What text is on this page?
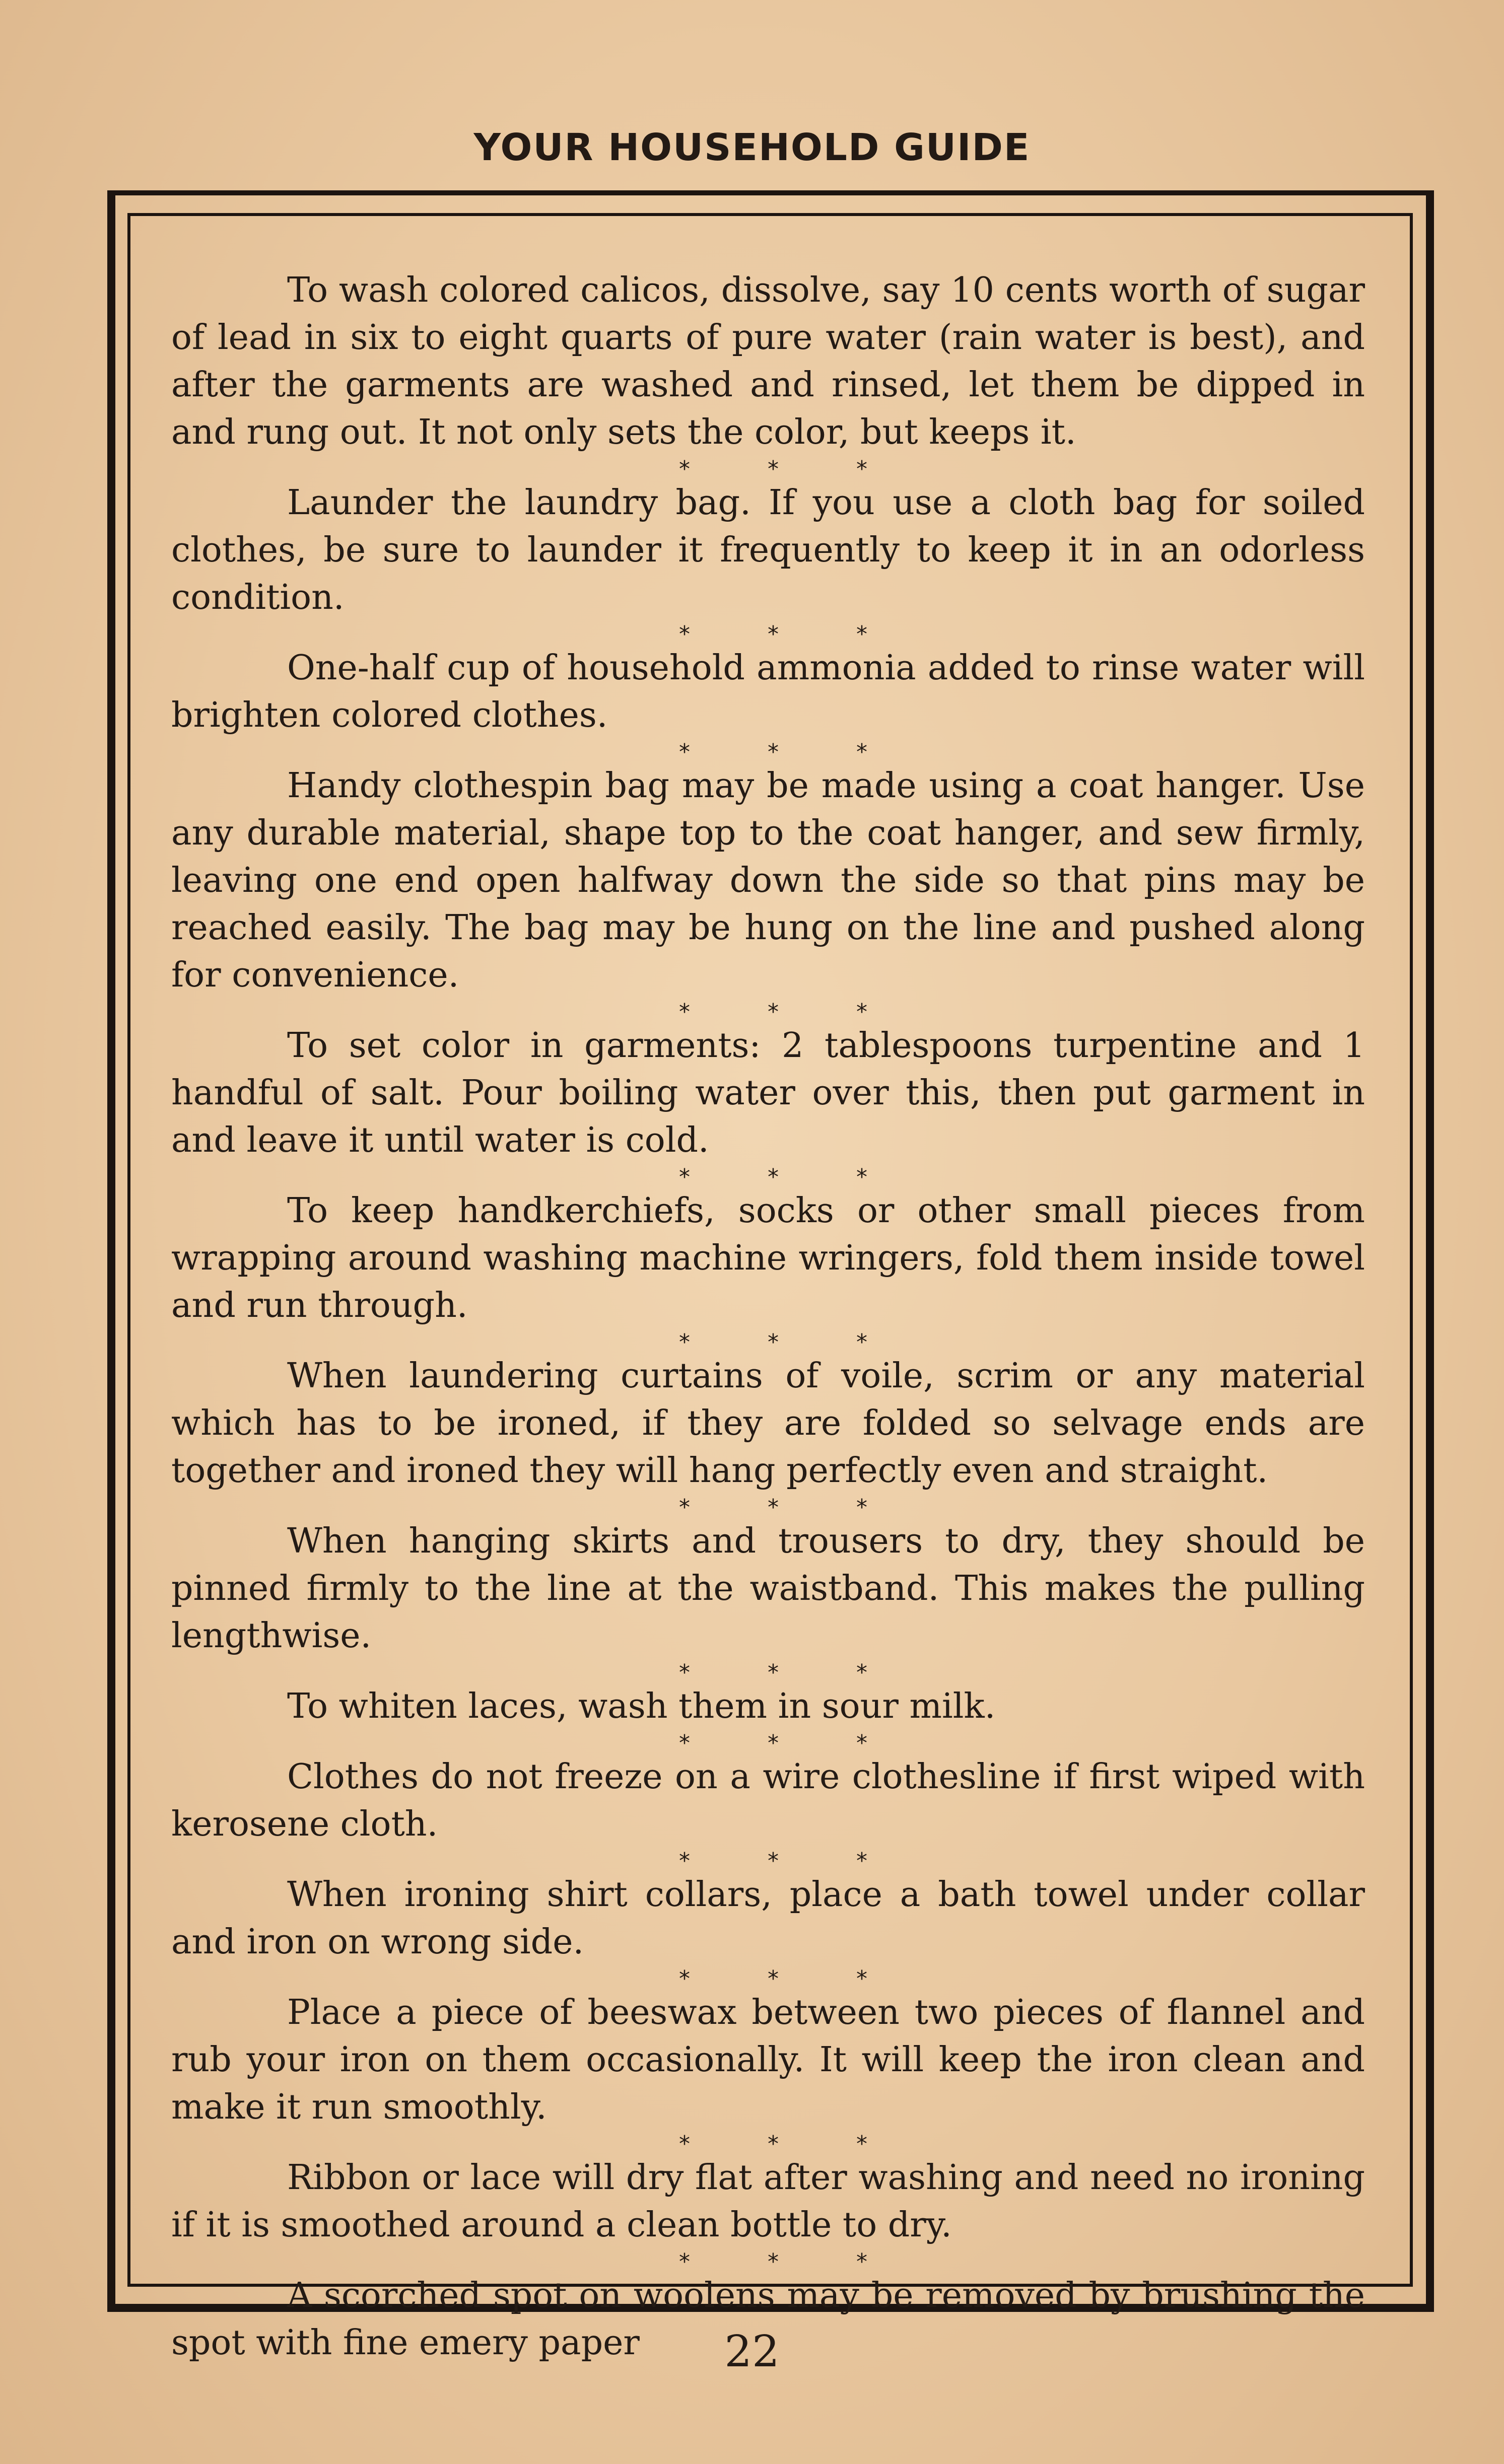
YOUR HOUSEHOLD GUIDE

To wash colored calicos, dissolve, say 10 cents worth of sugar of lead in six to eight quarts of pure water (rain water is best), and after the garments are washed and rinsed, let them be dipped in and rung out. It not only sets the color, but keeps it.

* * *

Launder the laundry bag. If you use a cloth bag for soiled clothes, be sure to launder it frequently to keep it in an odorless condition.

* * *

One-half cup of household ammonia added to rinse water will brighten colored clothes.

* * *

Handy clothespin bag may be made using a coat hanger. Use any durable material, shape top to the coat hanger, and sew firmly, leaving one end open halfway down the side so that pins may be reached easily. The bag may be hung on the line and pushed along for convenience.

* * *

To set color in garments: 2 tablespoons turpentine and 1 handful of salt. Pour boiling water over this, then put garment in and leave it until water is cold.

* * *

To keep handkerchiefs, socks or other small pieces from wrapping around washing machine wringers, fold them inside towel and run through.

* * *

When laundering curtains of voile, scrim or any material which has to be ironed, if they are folded so selvage ends are together and ironed they will hang perfectly even and straight.

* * *

When hanging skirts and trousers to dry, they should be pinned firmly to the line at the waistband. This makes the pulling lengthwise.

* * *

To whiten laces, wash them in sour milk.

* * *

Clothes do not freeze on a wire clothesline if first wiped with kerosene cloth.

* * *

When ironing shirt collars, place a bath towel under collar and iron on wrong side.

* * *

Place a piece of beeswax between two pieces of flannel and rub your iron on them occasionally. It will keep the iron clean and make it run smoothly.

* * *

Ribbon or lace will dry flat after washing and need no ironing if it is smoothed around a clean bottle to dry.

* * *

A scorched spot on woolens may be removed by brushing the spot with fine emery paper	22
